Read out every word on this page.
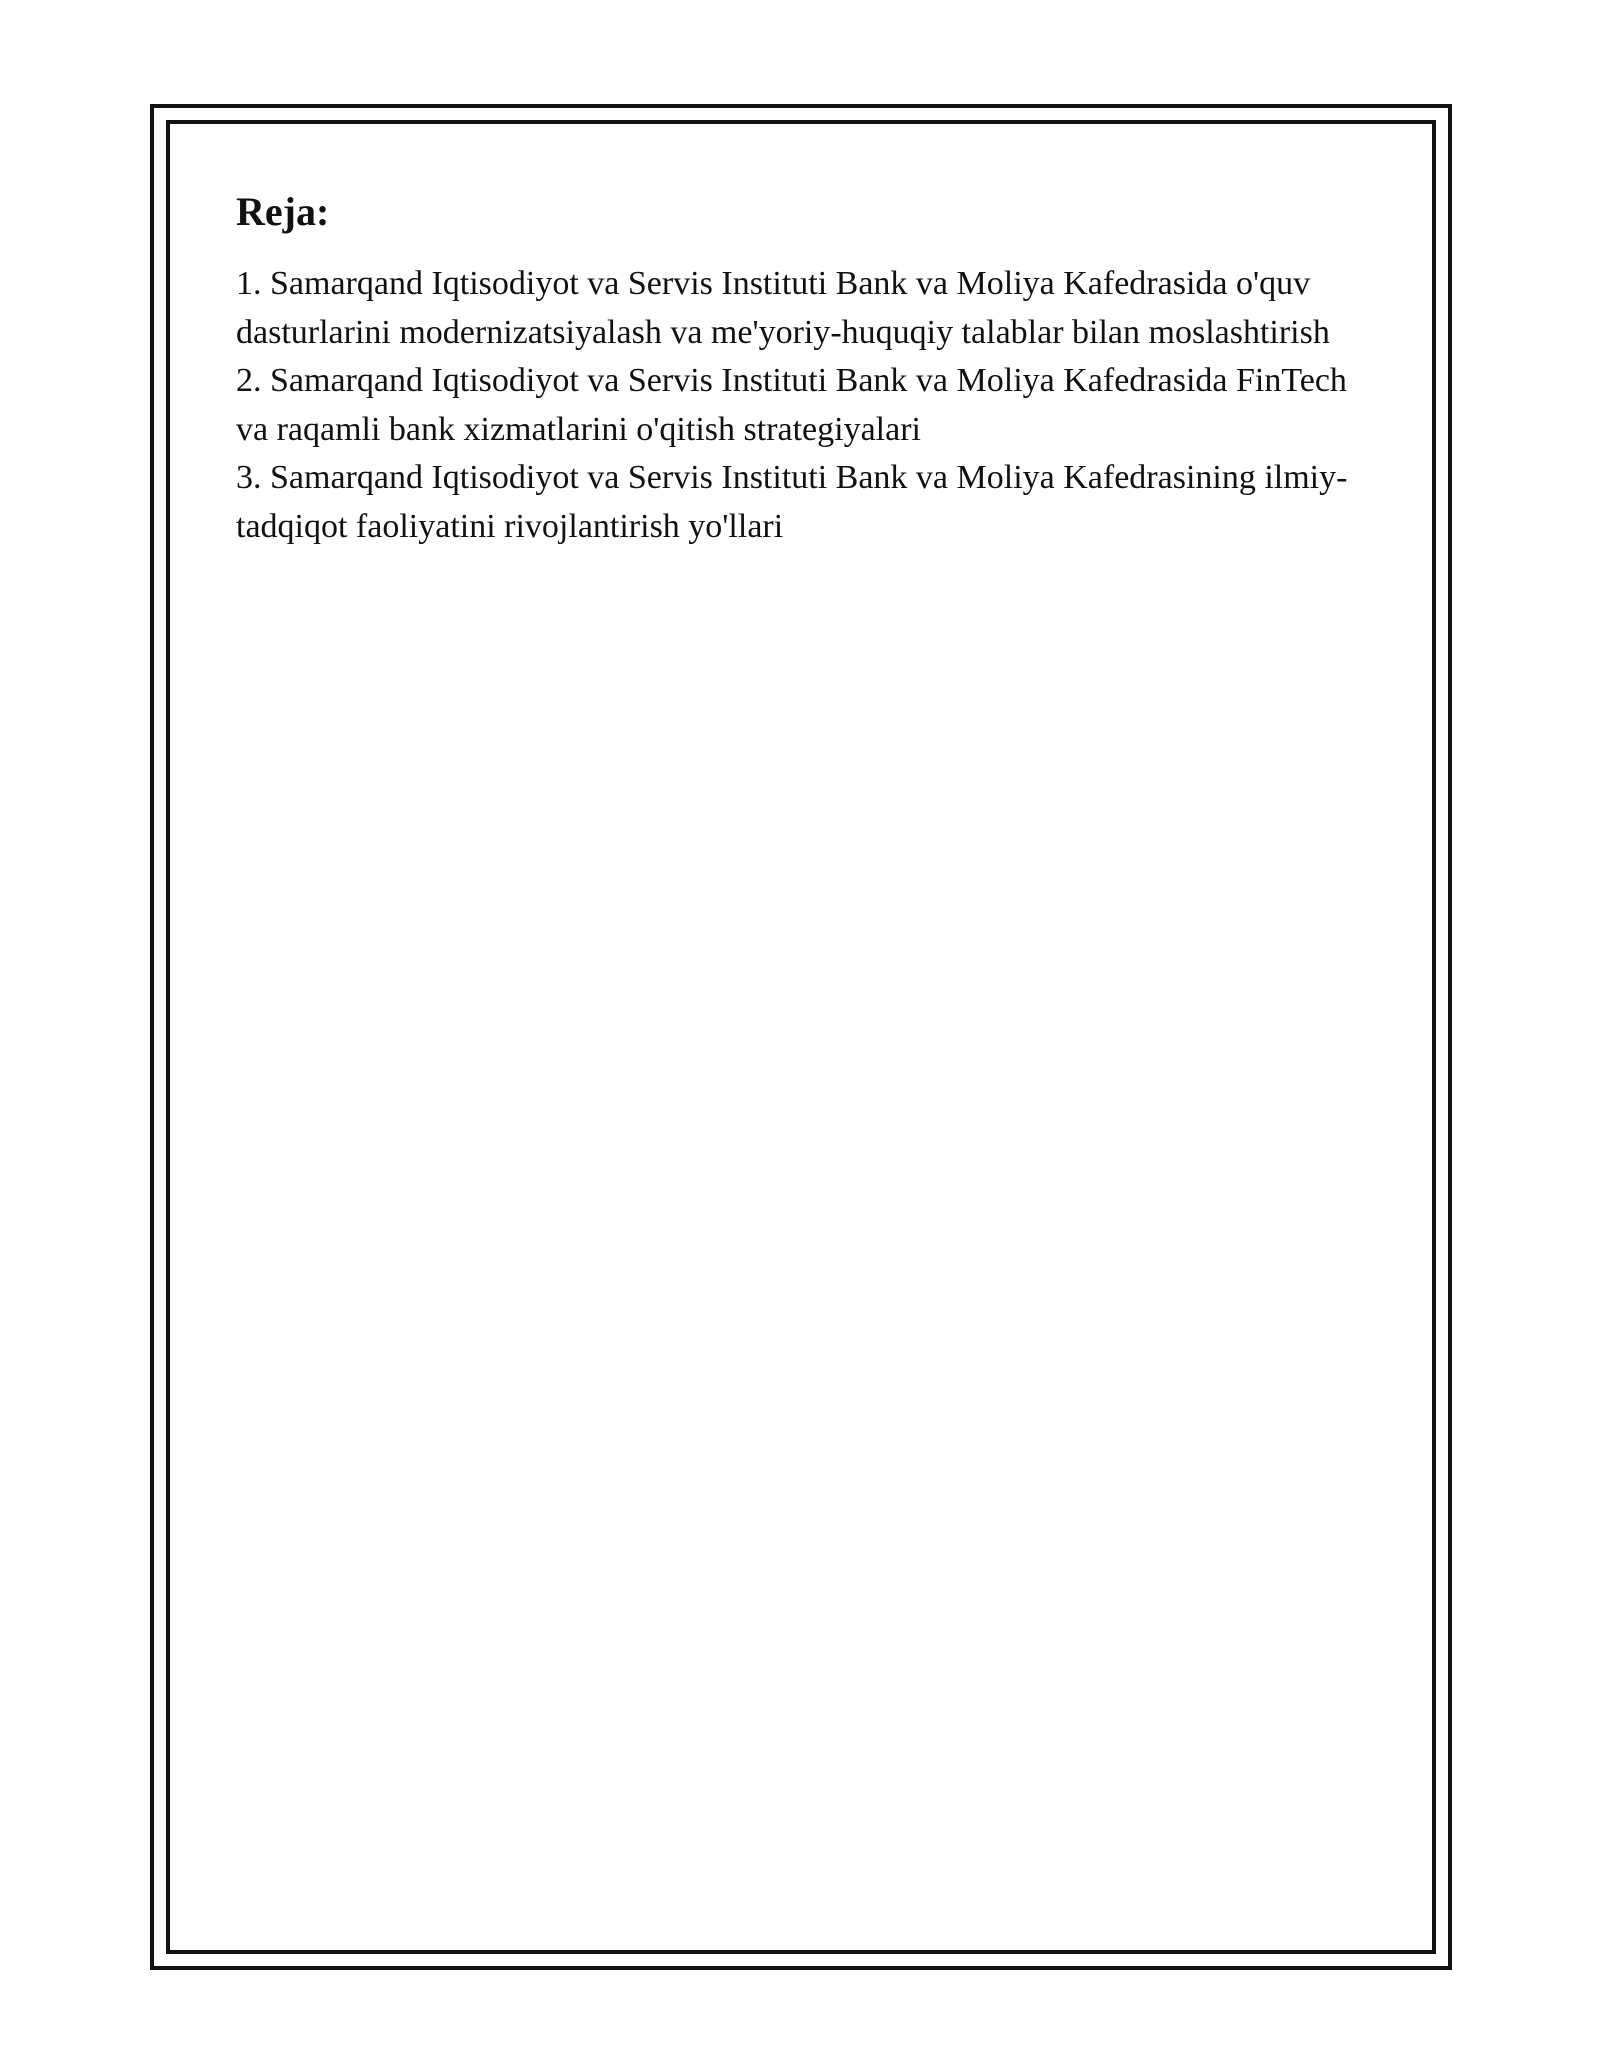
Reja:
1. Samarqand Iqtisodiyot va Servis Instituti Bank va Moliya Kafedrasida o'quv dasturlarini modernizatsiyalash va me'yoriy-huquqiy talablar bilan moslashtirish
2. Samarqand Iqtisodiyot va Servis Instituti Bank va Moliya Kafedrasida FinTech va raqamli bank xizmatlarini o'qitish strategiyalari
3. Samarqand Iqtisodiyot va Servis Instituti Bank va Moliya Kafedrasining ilmiy-tadqiqot faoliyatini rivojlantirish yo'llari
